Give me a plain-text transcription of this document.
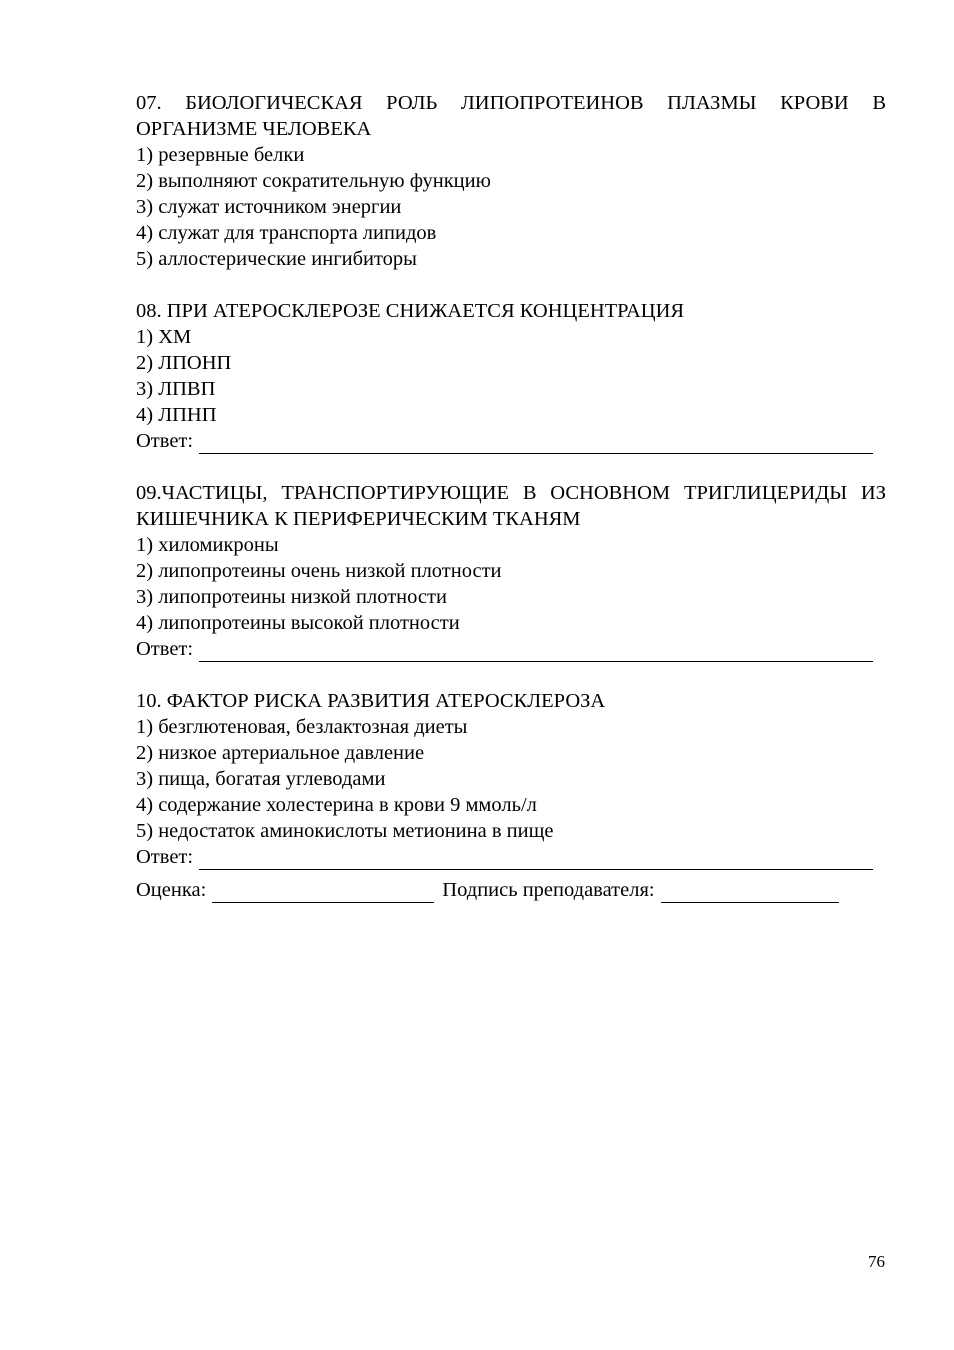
07. БИОЛОГИЧЕСКАЯ РОЛЬ ЛИПОПРОТЕИНОВ ПЛАЗМЫ КРОВИ В ОРГАНИЗМЕ ЧЕЛОВЕКА
1) резервные белки
2) выполняют сократительную функцию
3) служат источником энергии
4) служат для транспорта липидов
5) аллостерические ингибиторы
08. ПРИ АТЕРОСКЛЕРОЗЕ СНИЖАЕТСЯ КОНЦЕНТРАЦИЯ
1) ХМ
2) ЛПОНП
3) ЛПВП
4) ЛПНП
Ответ:
09.ЧАСТИЦЫ, ТРАНСПОРТИРУЮЩИЕ В ОСНОВНОМ ТРИГЛИЦЕРИДЫ ИЗ КИШЕЧНИКА К ПЕРИФЕРИЧЕСКИМ ТКАНЯМ
1) хиломикроны
2) липопротеины очень низкой плотности
3) липопротеины низкой плотности
4) липопротеины высокой плотности
Ответ:
10. ФАКТОР РИСКА РАЗВИТИЯ АТЕРОСКЛЕРОЗА
1) безглютеновая, безлактозная диеты
2) низкое артериальное давление
3) пища, богатая углеводами
4) содержание холестерина в крови 9 ммоль/л
5) недостаток аминокислоты метионина в пище
Ответ:
Оценка:	Подпись преподавателя:
76
